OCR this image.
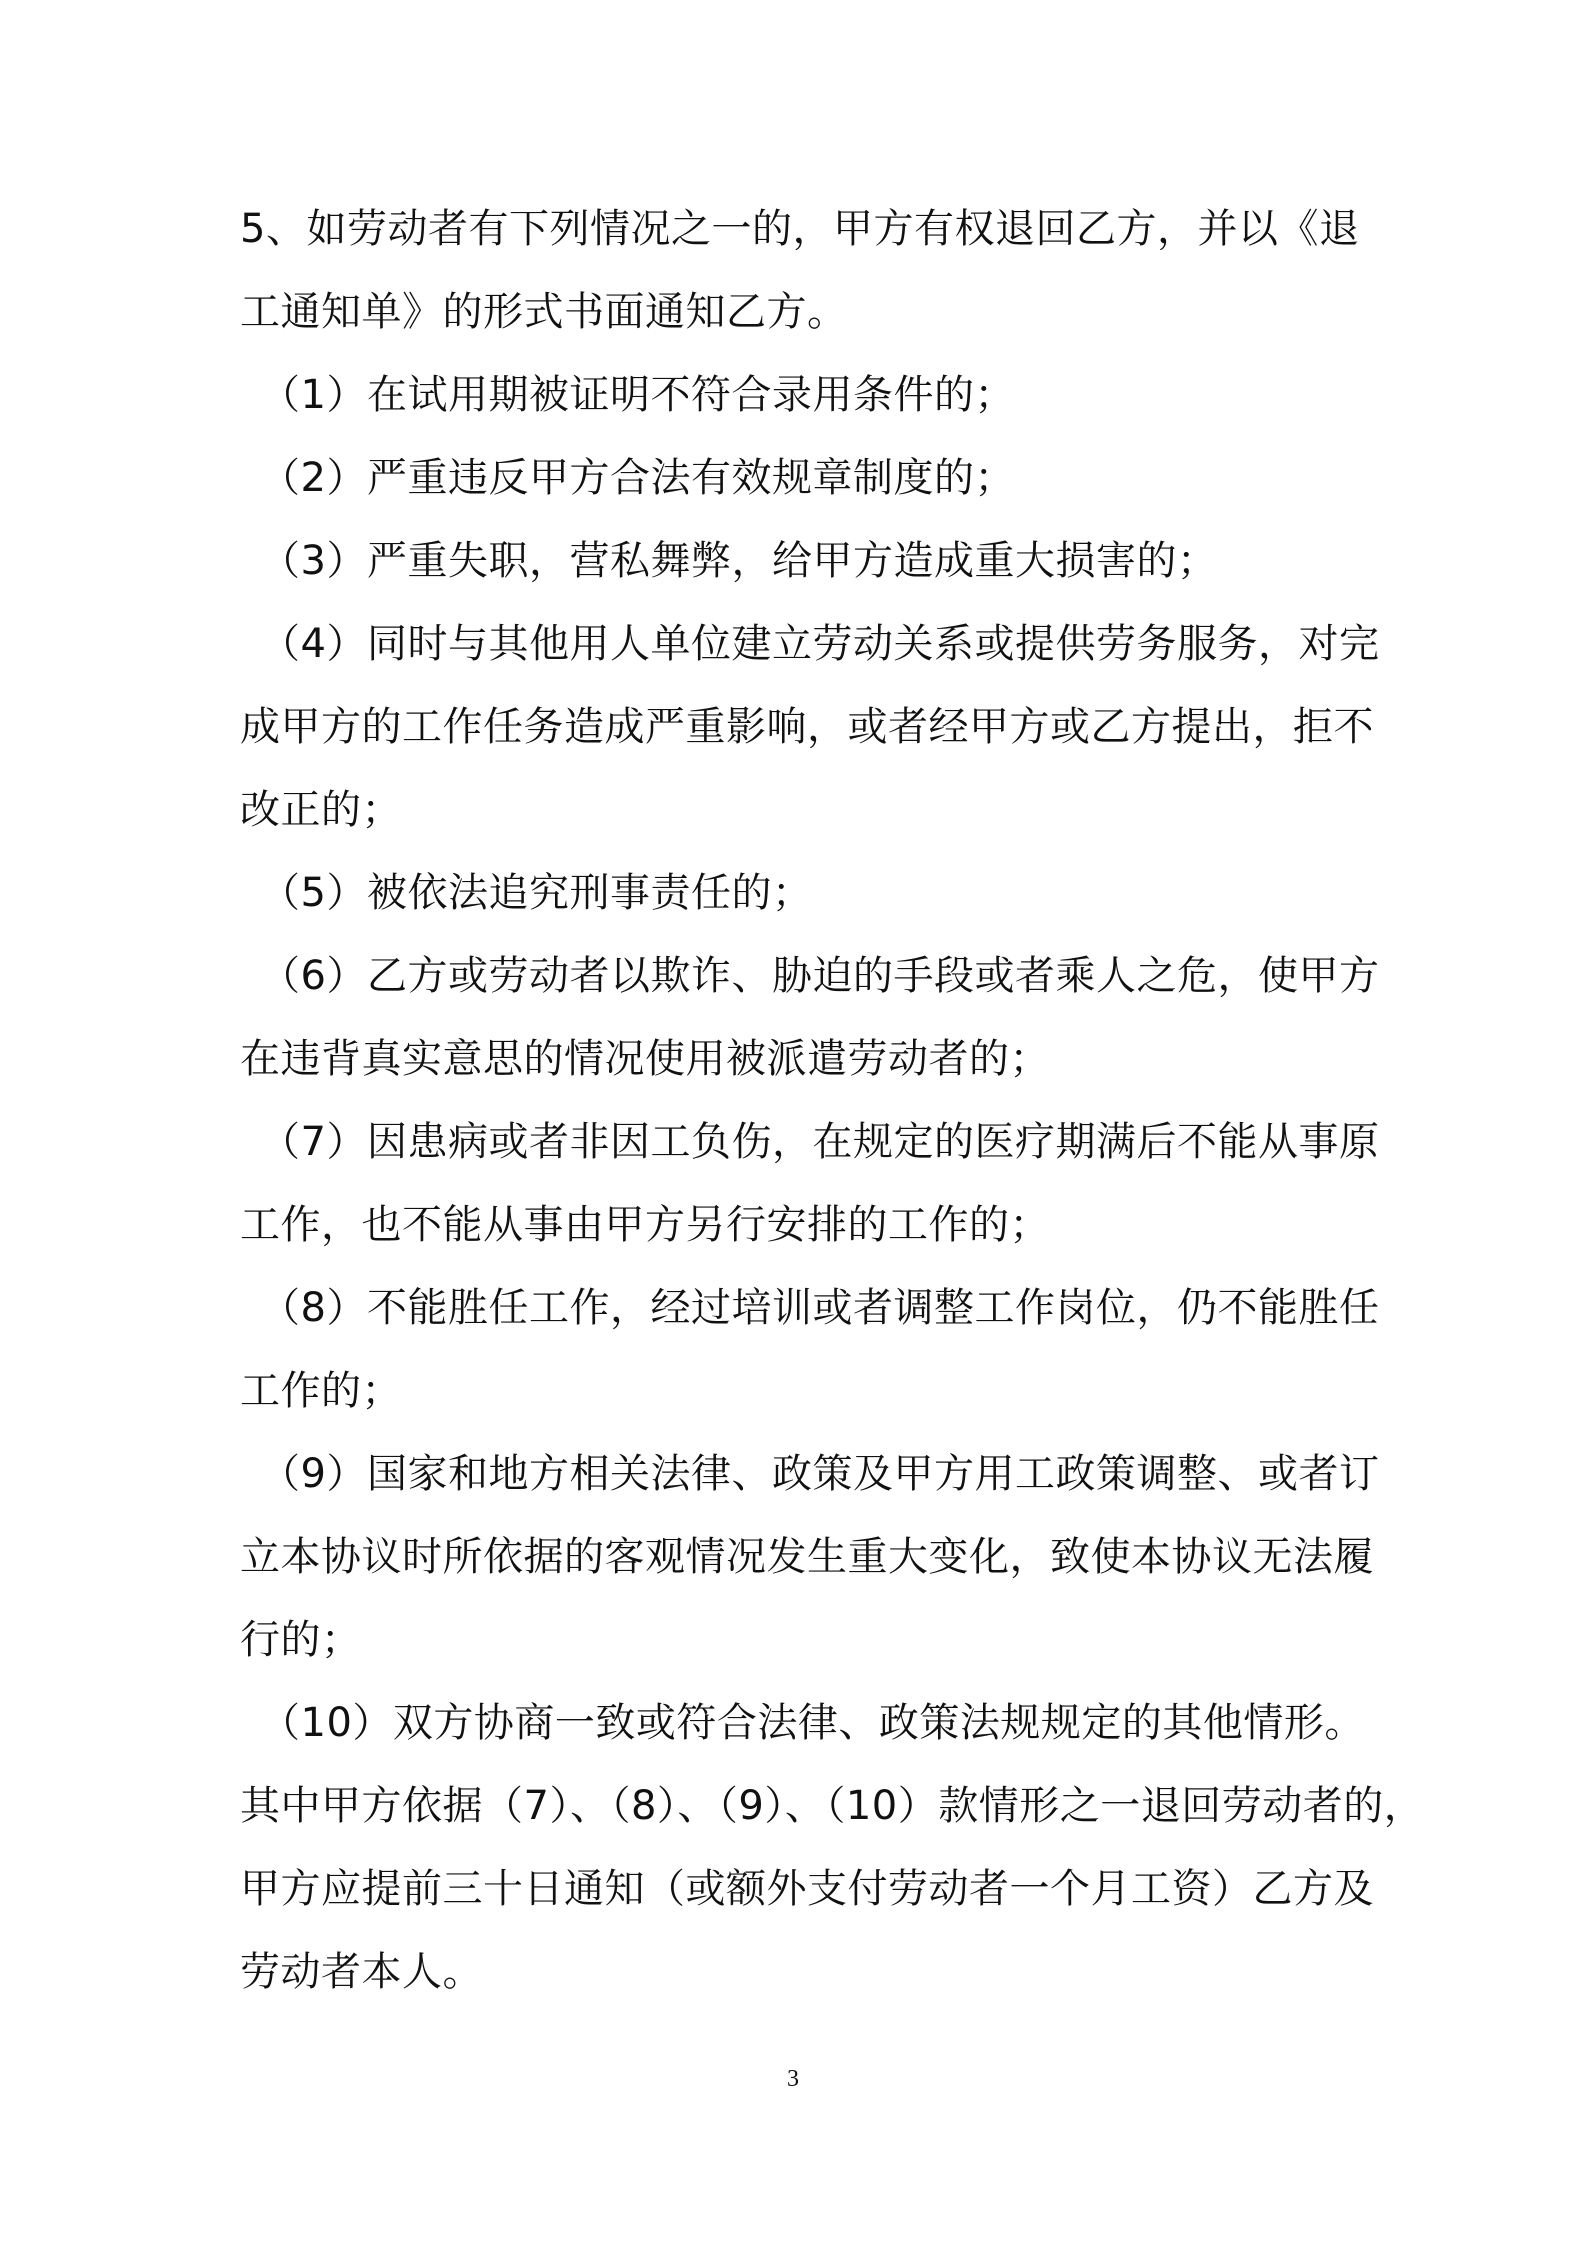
5、如劳动者有下列情况之一的，甲方有权退回乙方，并以《退
工通知单》的形式书面通知乙方。
（1）在试用期被证明不符合录用条件的；
（2）严重违反甲方合法有效规章制度的；
（3）严重失职，营私舞弊，给甲方造成重大损害的；
（4）同时与其他用人单位建立劳动关系或提供劳务服务，对完
成甲方的工作任务造成严重影响，或者经甲方或乙方提出，拒不
改正的；
（5）被依法追究刑事责任的；
（6）乙方或劳动者以欺诈、胁迫的手段或者乘人之危，使甲方
在违背真实意思的情况使用被派遣劳动者的；
（7）因患病或者非因工负伤，在规定的医疗期满后不能从事原
工作，也不能从事由甲方另行安排的工作的；
（8）不能胜任工作，经过培训或者调整工作岗位，仍不能胜任
工作的；
（9）国家和地方相关法律、政策及甲方用工政策调整、或者订
立本协议时所依据的客观情况发生重大变化，致使本协议无法履
行的；
（10）双方协商一致或符合法律、政策法规规定的其他情形。
其中甲方依据（7）、（8）、（9）、（10）款情形之一退回劳动者的，
甲方应提前三十日通知（或额外支付劳动者一个月工资）乙方及
劳动者本人。
3
